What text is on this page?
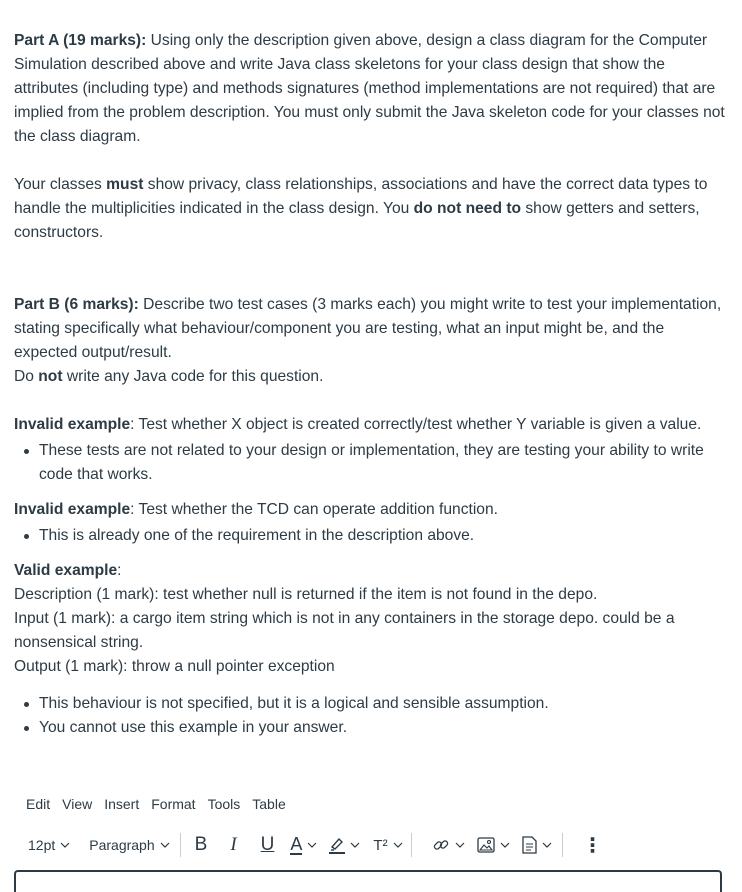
Part A (19 marks): Using only the description given above, design a class diagram for the Computer Simulation described above and write Java class skeletons for your class design that show the attributes (including type) and methods signatures (method implementations are not required) that are implied from the problem description. You must only submit the Java skeleton code for your classes not the class diagram.

Your classes must show privacy, class relationships, associations and have the correct data types to handle the multiplicities indicated in the class design. You do not need to show getters and setters, constructors.

Part B (6 marks): Describe two test cases (3 marks each) you might write to test your implementation, stating specifically what behaviour/component you are testing, what an input might be, and the expected output/result.

Do not write any Java code for this question.

Invalid example: Test whether X object is created correctly/test whether Y variable is given a value.

These tests are not related to your design or implementation, they are testing your ability to write code that works.

Invalid example: Test whether the TCD can operate addition function.

This is already one of the requirement in the description above.

Valid example:

Description (1 mark): test whether null is returned if the item is not found in the depo.

Input (1 mark): a cargo item string which is not in any containers in the storage depo. could be a nonsensical string.

Output (1 mark): throw a null pointer exception

This behaviour is not specified, but it is a logical and sensible assumption.
You cannot use this example in your answer.
Edit View Insert Format Tools Table
12pt Paragraph B I U A	T²	⋮
